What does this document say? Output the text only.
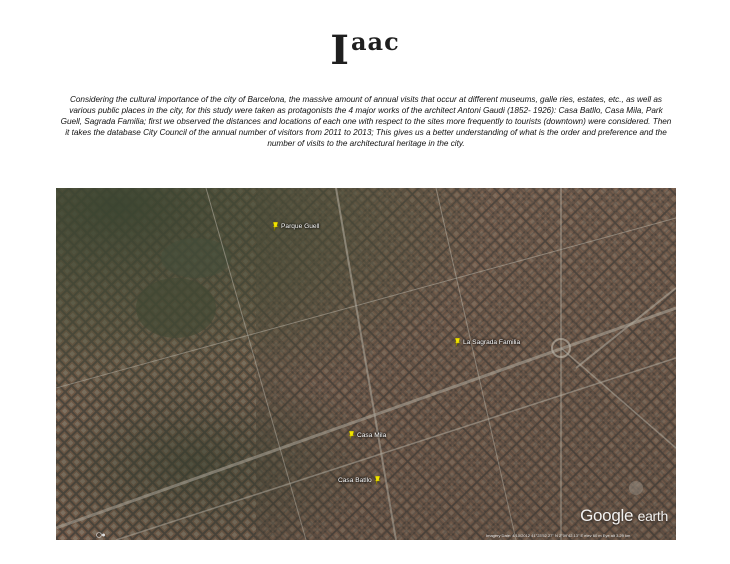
$I^{aac}$
Considering the cultural importance of the city of Barcelona, the massive amount of annual visits that occur at different museums, galle ries, estates, etc., as well as various public places in the city, for this study were taken as protagonists the 4 major works of the architect Antoni Gaudi (1852- 1926): Casa Batllo, Casa Mila, Park Guell, Sagrada Familia; first we observed the distances and locations of each one with respect to the sites more frequently to tourists (downtown) were considered. Then it takes the database City Council of the annual number of visitors from 2011 to 2013; This gives us a better understanding of what is the order and preference and the number of visits to the architectural heritage in the city.
Parque Guell
La Sagrada Familia
Casa Mila
Casa Batllo
Google earth
Imagery Date: 4/10/2012 41°23'52.27" N 2°09'42.13" E elev 60 m Eye alt 3.29 km
